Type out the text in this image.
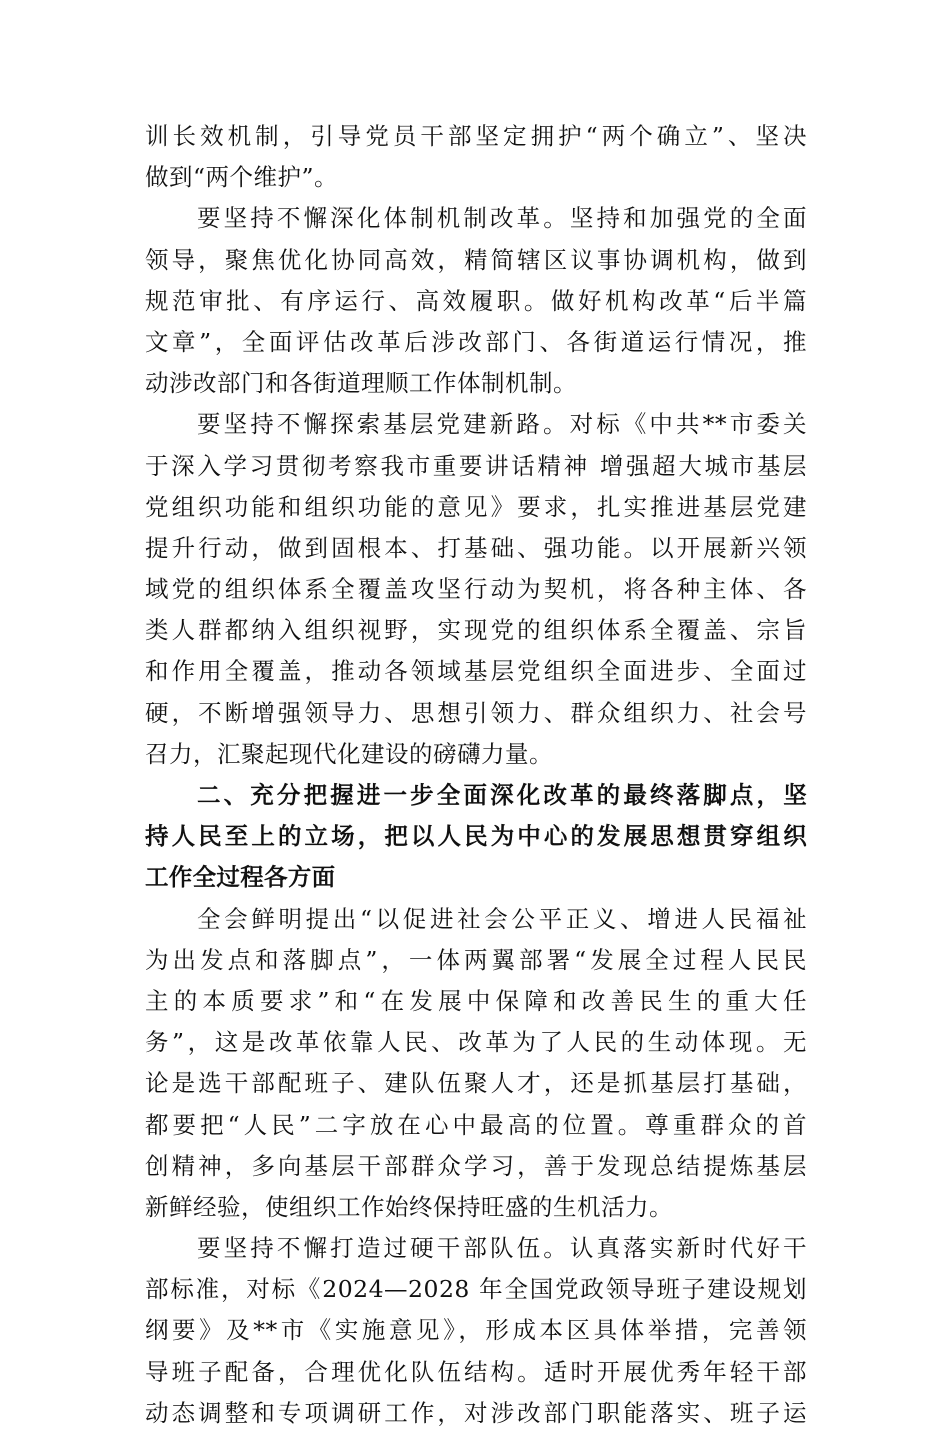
训长效机制，引导党员干部坚定拥护“两个确立”、坚决
做到“两个维护”。
要坚持不懈深化体制机制改革。坚持和加强党的全面
领导，聚焦优化协同高效，精简辖区议事协调机构，做到
规范审批、有序运行、高效履职。做好机构改革“后半篇
文章”，全面评估改革后涉改部门、各街道运行情况，推
动涉改部门和各街道理顺工作体制机制。
要坚持不懈探索基层党建新路。对标《中共**市委关
于深入学习贯彻考察我市重要讲话精神 增强超大城市基层
党组织功能和组织功能的意见》要求，扎实推进基层党建
提升行动，做到固根本、打基础、强功能。以开展新兴领
域党的组织体系全覆盖攻坚行动为契机，将各种主体、各
类人群都纳入组织视野，实现党的组织体系全覆盖、宗旨
和作用全覆盖，推动各领域基层党组织全面进步、全面过
硬，不断增强领导力、思想引领力、群众组织力、社会号
召力，汇聚起现代化建设的磅礴力量。
二、充分把握进一步全面深化改革的最终落脚点，坚
持人民至上的立场，把以人民为中心的发展思想贯穿组织
工作全过程各方面
全会鲜明提出“以促进社会公平正义、增进人民福祉
为出发点和落脚点”，一体两翼部署“发展全过程人民民
主的本质要求”和“在发展中保障和改善民生的重大任
务”，这是改革依靠人民、改革为了人民的生动体现。无
论是选干部配班子、建队伍聚人才，还是抓基层打基础，
都要把“人民”二字放在心中最高的位置。尊重群众的首
创精神，多向基层干部群众学习，善于发现总结提炼基层
新鲜经验，使组织工作始终保持旺盛的生机活力。
要坚持不懈打造过硬干部队伍。认真落实新时代好干
部标准，对标《2024—2028 年全国党政领导班子建设规划
纲要》及**市《实施意见》，形成本区具体举措，完善领
导班子配备，合理优化队伍结构。适时开展优秀年轻干部
动态调整和专项调研工作，对涉改部门职能落实、班子运
